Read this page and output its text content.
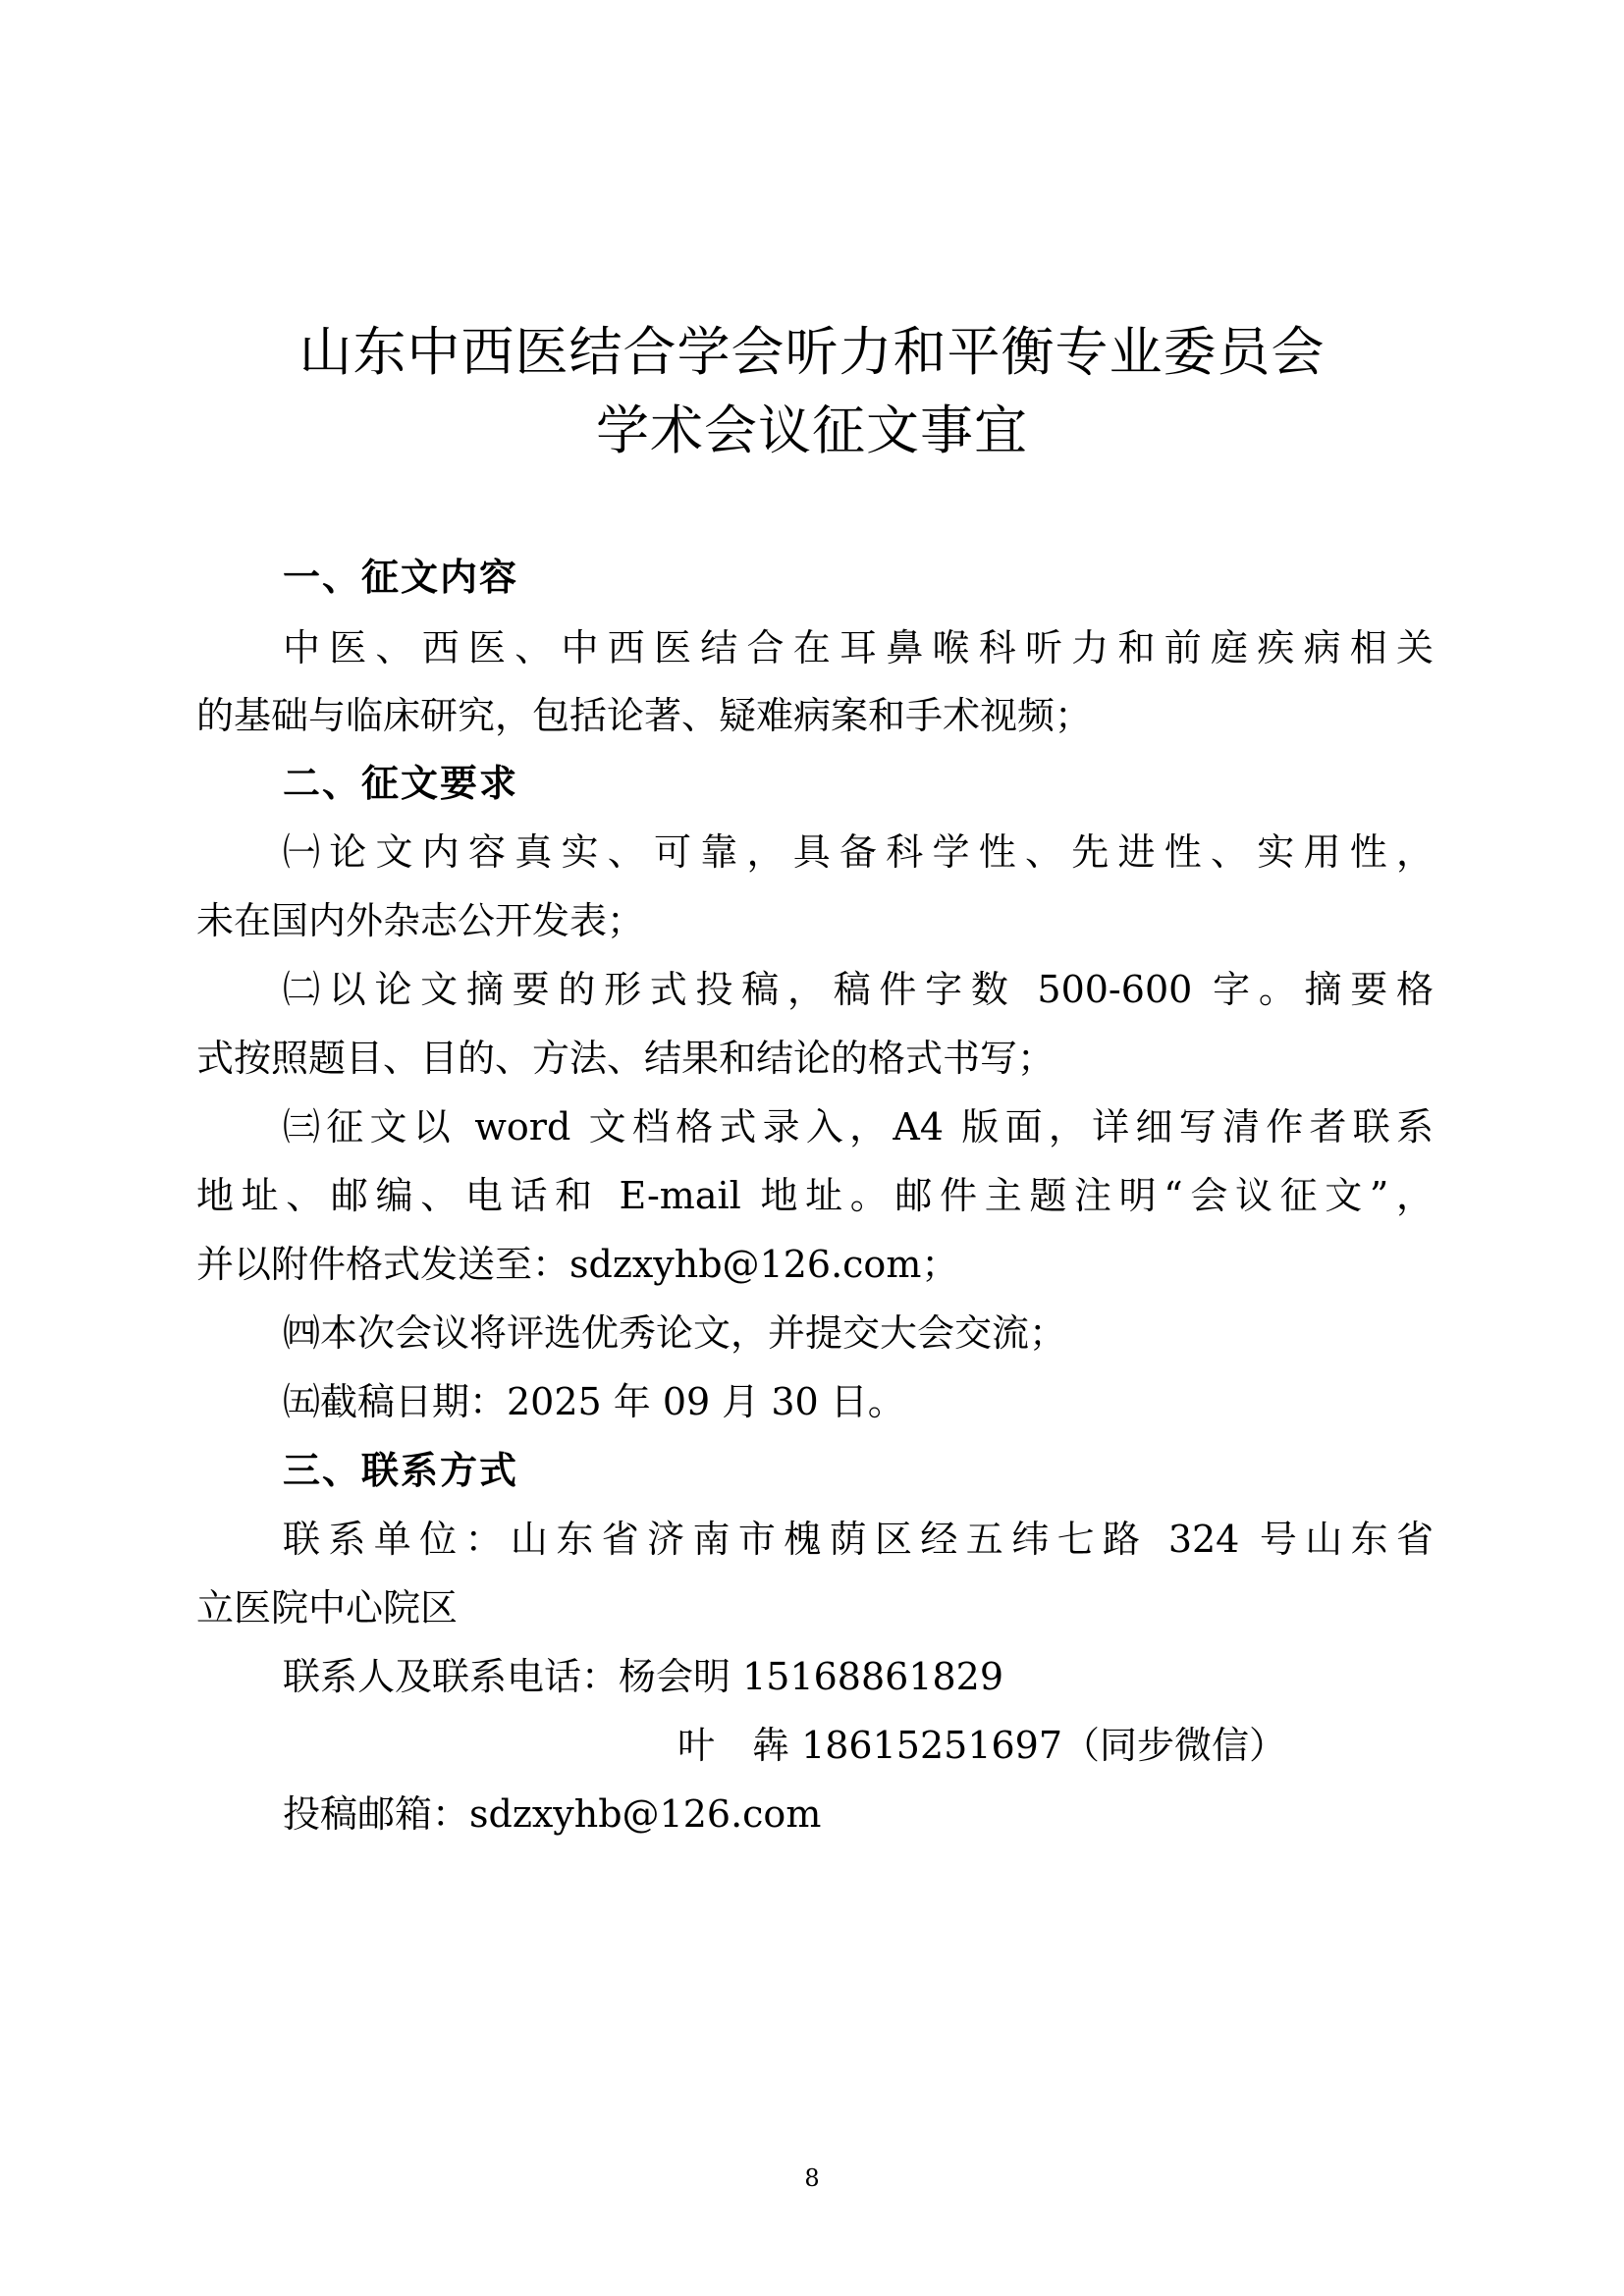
山东中西医结合学会听力和平衡专业委员会
学术会议征文事宜
一、征文内容
中医、西医、中西医结合在耳鼻喉科听力和前庭疾病相关
的基础与临床研究，包括论著、疑难病案和手术视频；
二、征文要求
㈠论文内容真实、可靠，具备科学性、先进性、实用性，
未在国内外杂志公开发表；
㈡以论文摘要的形式投稿，稿件字数 500-600 字。摘要格
式按照题目、目的、方法、结果和结论的格式书写；
㈢征文以 word 文档格式录入，A4 版面，详细写清作者联系
地址、邮编、电话和 E-mail 地址。邮件主题注明“会议征文”，
并以附件格式发送至：sdzxyhb@126.com；
㈣本次会议将评选优秀论文，并提交大会交流；
㈤截稿日期：2025 年 09 月 30 日。
三、联系方式
联系单位：山东省济南市槐荫区经五纬七路 324 号山东省
立医院中心院区
联系人及联系电话：杨会明 15168861829
叶　犇 18615251697（同步微信）
投稿邮箱：sdzxyhb@126.com
8
